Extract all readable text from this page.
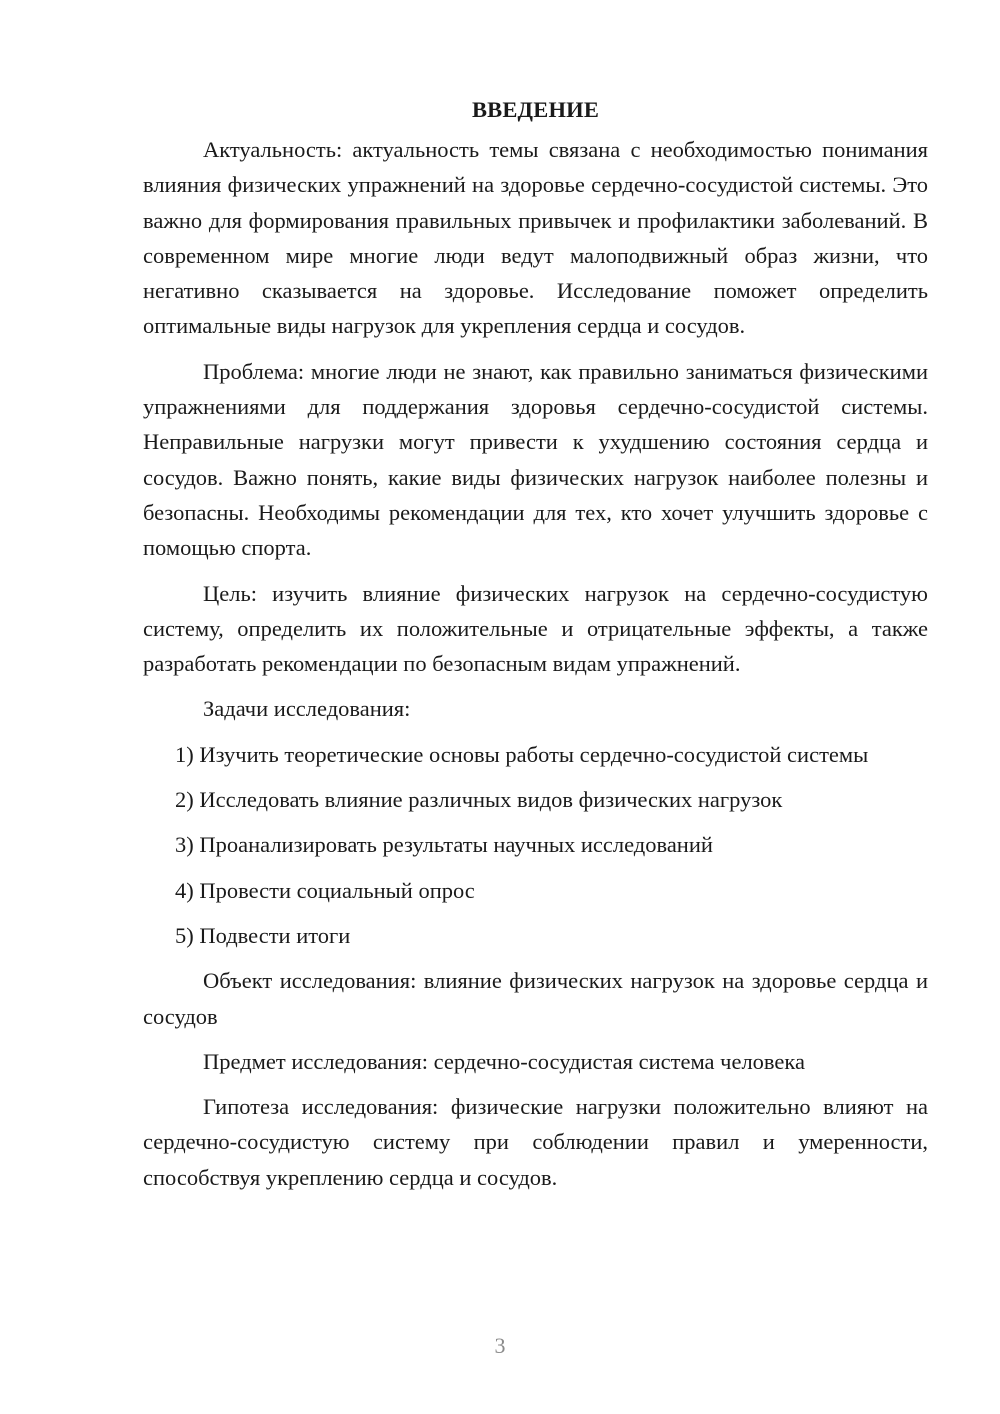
ВВЕДЕНИЕ
Актуальность: актуальность темы связана с необходимостью понимания влияния физических упражнений на здоровье сердечно-сосудистой системы. Это важно для формирования правильных привычек и профилактики заболеваний. В современном мире многие люди ведут малоподвижный образ жизни, что негативно сказывается на здоровье. Исследование поможет определить оптимальные виды нагрузок для укрепления сердца и сосудов.
Проблема: многие люди не знают, как правильно заниматься физическими упражнениями для поддержания здоровья сердечно-сосудистой системы. Неправильные нагрузки могут привести к ухудшению состояния сердца и сосудов. Важно понять, какие виды физических нагрузок наиболее полезны и безопасны. Необходимы рекомендации для тех, кто хочет улучшить здоровье с помощью спорта.
Цель: изучить влияние физических нагрузок на сердечно-сосудистую систему, определить их положительные и отрицательные эффекты, а также разработать рекомендации по безопасным видам упражнений.
Задачи исследования:
1) Изучить теоретические основы работы сердечно-сосудистой системы
2) Исследовать влияние различных видов физических нагрузок
3) Проанализировать результаты научных исследований
4) Провести социальный опрос
5) Подвести итоги
Объект исследования: влияние физических нагрузок на здоровье сердца и сосудов
Предмет исследования: сердечно-сосудистая система человека
Гипотеза исследования: физические нагрузки положительно влияют на сердечно-сосудистую систему при соблюдении правил и умеренности, способствуя укреплению сердца и сосудов.
3
